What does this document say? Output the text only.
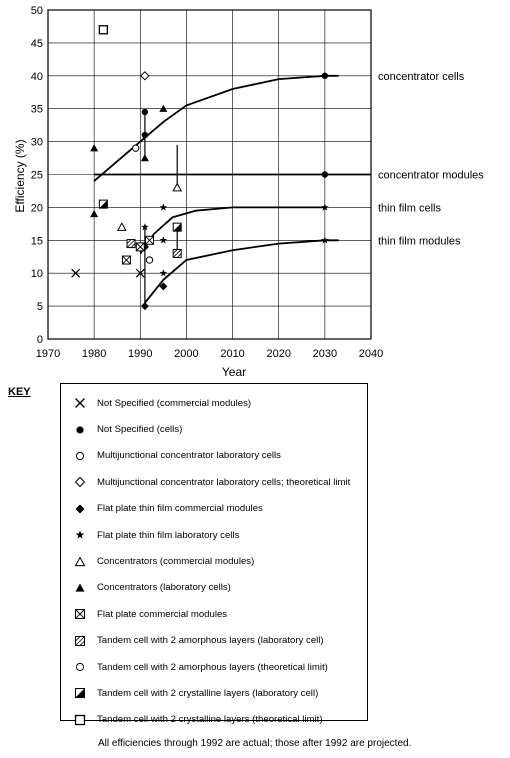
0
5
10
15
20
25
30
35
40
45
50
1970 1980 1990 2000 2010 2020 2030 2040
concentrator cells
concentrator modules
thin film cells
thin film modules
Efficiency (%)
Year
KEY
Not Specified (commercial modules)
Not Specified (cells)
Multijunctional concentrator laboratory cells
Multijunctional concentrator laboratory cells; theoretical limit
Flat plate thin film commercial modules
Flat plate thin film laboratory cells
Concentrators (commercial modules)
Concentrators (laboratory cells)
Flat plate commercial modules
Tandem cell with 2 amorphous layers (laboratory cell)
Tandem cell with 2 amorphous layers (theoretical limit)
Tandem cell with 2 crystalline layers (laboratory cell)
Tandem cell with 2 crystalline layers (theoretical limit)
All efficiencies through 1992 are actual; those after 1992 are projected.
